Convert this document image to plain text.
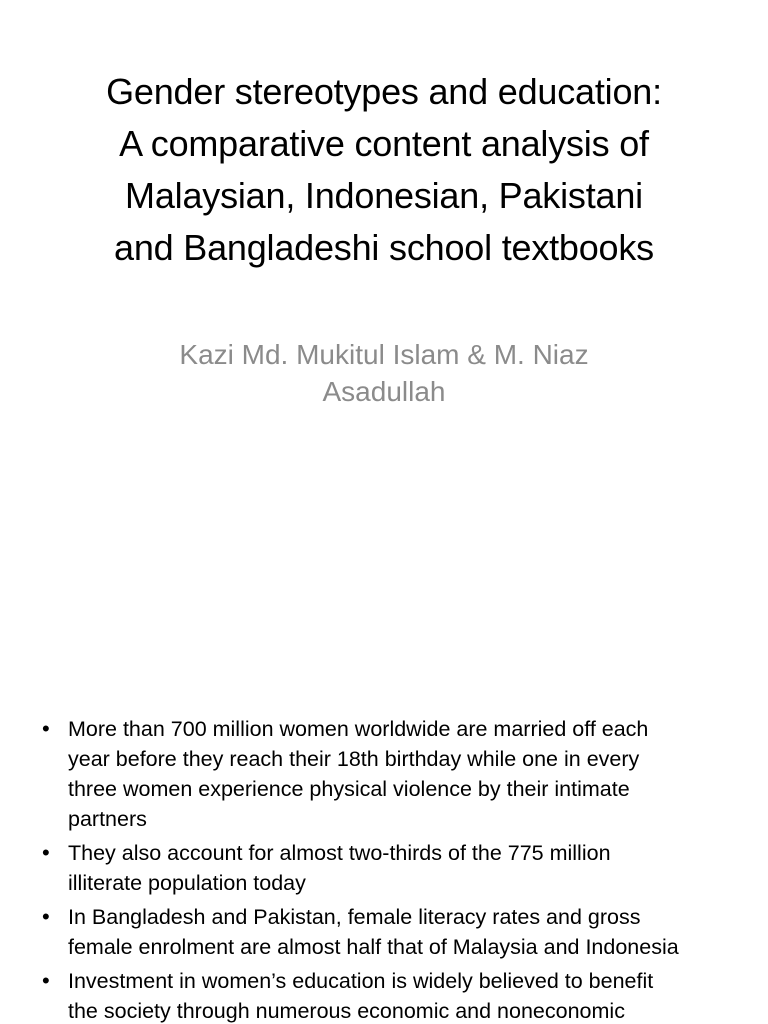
Gender stereotypes and education:
A comparative content analysis of
Malaysian, Indonesian, Pakistani
and Bangladeshi school textbooks
Kazi Md. Mukitul Islam & M. Niaz
Asadullah
• More than 700 million women worldwide are married off each
year before they reach their 18th birthday while one in every
three women experience physical violence by their intimate
partners
• They also account for almost two-thirds of the 775 million
illiterate population today
• In Bangladesh and Pakistan, female literacy rates and gross
female enrolment are almost half that of Malaysia and Indonesia
• Investment in women’s education is widely believed to benefit
the society through numerous economic and noneconomic
